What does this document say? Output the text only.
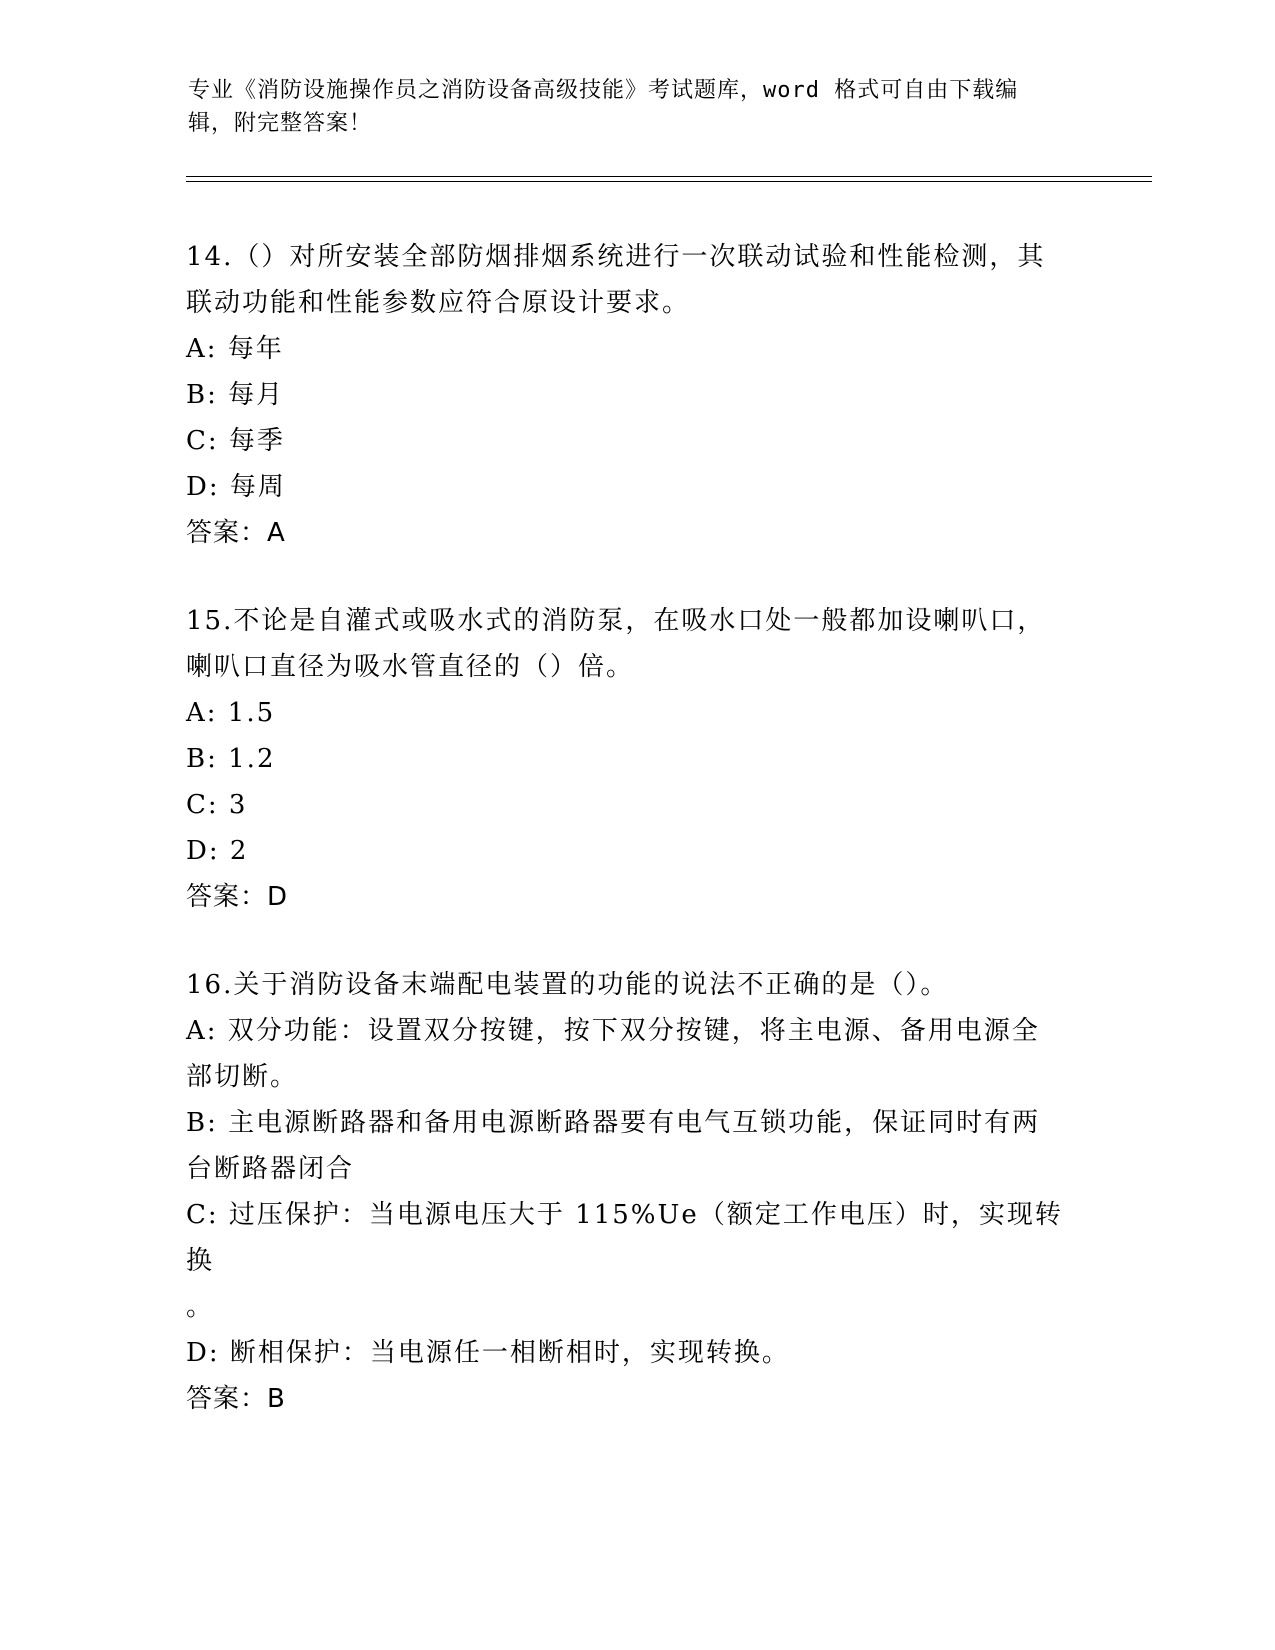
专业《消防设施操作员之消防设备高级技能》考试题库，word 格式可自由下载编
辑，附完整答案！
14.（）对所安装全部防烟排烟系统进行一次联动试验和性能检测，其
联动功能和性能参数应符合原设计要求。
A: 每年
B: 每月
C: 每季
D: 每周
答案：A
15.不论是自灌式或吸水式的消防泵，在吸水口处一般都加设喇叭口，
喇叭口直径为吸水管直径的（）倍。
A: 1.5
B: 1.2
C: 3
D: 2
答案：D
16.关于消防设备末端配电装置的功能的说法不正确的是（）。
A: 双分功能：设置双分按键，按下双分按键，将主电源、备用电源全
部切断。
B: 主电源断路器和备用电源断路器要有电气互锁功能，保证同时有两
台断路器闭合
C: 过压保护：当电源电压大于 115%Ue（额定工作电压）时，实现转换
。
D: 断相保护：当电源任一相断相时，实现转换。
答案：B
